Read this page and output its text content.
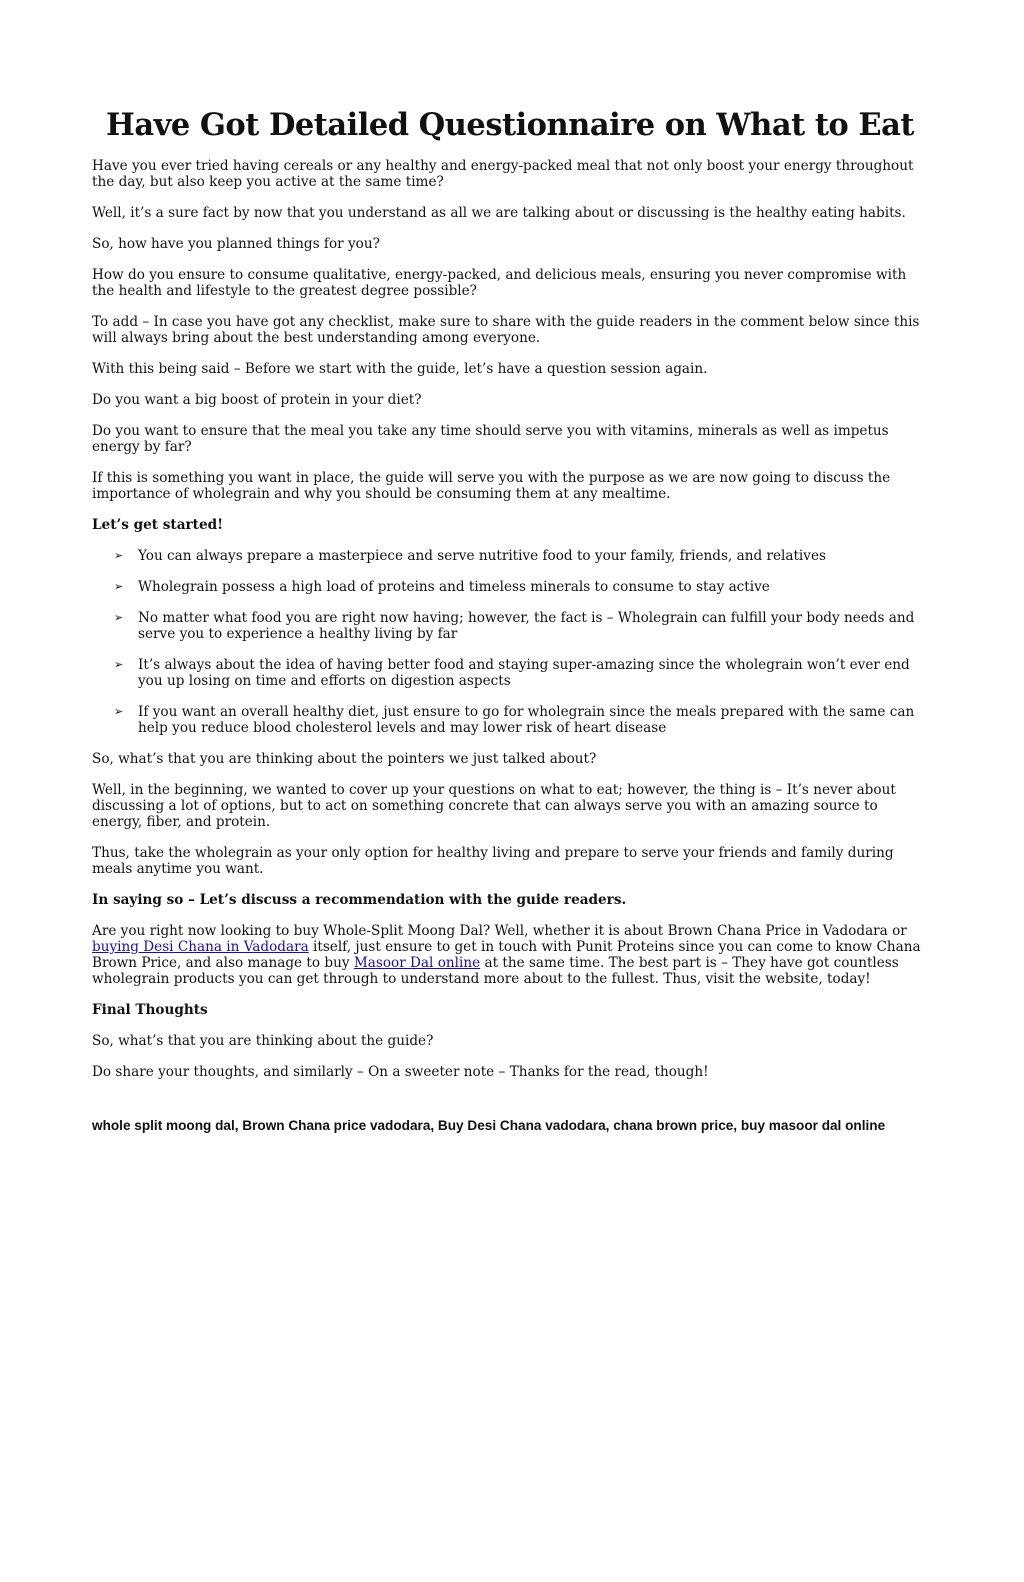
Have Got Detailed Questionnaire on What to Eat

Have you ever tried having cereals or any healthy and energy-packed meal that not only boost your energy throughout the day, but also keep you active at the same time?

Well, it’s a sure fact by now that you understand as all we are talking about or discussing is the healthy eating habits.

So, how have you planned things for you?

How do you ensure to consume qualitative, energy-packed, and delicious meals, ensuring you never compromise with the health and lifestyle to the greatest degree possible?

To add – In case you have got any checklist, make sure to share with the guide readers in the comment below since this will always bring about the best understanding among everyone.

With this being said – Before we start with the guide, let’s have a question session again.

Do you want a big boost of protein in your diet?

Do you want to ensure that the meal you take any time should serve you with vitamins, minerals as well as impetus energy by far?

If this is something you want in place, the guide will serve you with the purpose as we are now going to discuss the importance of wholegrain and why you should be consuming them at any mealtime.

Let’s get started!

➢ You can always prepare a masterpiece and serve nutritive food to your family, friends, and relatives
➢ Wholegrain possess a high load of proteins and timeless minerals to consume to stay active
➢ No matter what food you are right now having; however, the fact is – Wholegrain can fulfill your body needs and serve you to experience a healthy living by far
➢ It’s always about the idea of having better food and staying super-amazing since the wholegrain won’t ever end you up losing on time and efforts on digestion aspects
➢ If you want an overall healthy diet, just ensure to go for wholegrain since the meals prepared with the same can help you reduce blood cholesterol levels and may lower risk of heart disease

So, what’s that you are thinking about the pointers we just talked about?

Well, in the beginning, we wanted to cover up your questions on what to eat; however, the thing is – It’s never about discussing a lot of options, but to act on something concrete that can always serve you with an amazing source to energy, fiber, and protein.

Thus, take the wholegrain as your only option for healthy living and prepare to serve your friends and family during meals anytime you want.

In saying so – Let’s discuss a recommendation with the guide readers.

Are you right now looking to buy Whole-Split Moong Dal? Well, whether it is about Brown Chana Price in Vadodara or buying Desi Chana in Vadodara itself, just ensure to get in touch with Punit Proteins since you can come to know Chana Brown Price, and also manage to buy Masoor Dal online at the same time. The best part is – They have got countless wholegrain products you can get through to understand more about to the fullest. Thus, visit the website, today!

Final Thoughts

So, what’s that you are thinking about the guide?

Do share your thoughts, and similarly – On a sweeter note – Thanks for the read, though!

whole split moong dal, Brown Chana price vadodara, Buy Desi Chana vadodara, chana brown price, buy masoor dal online
